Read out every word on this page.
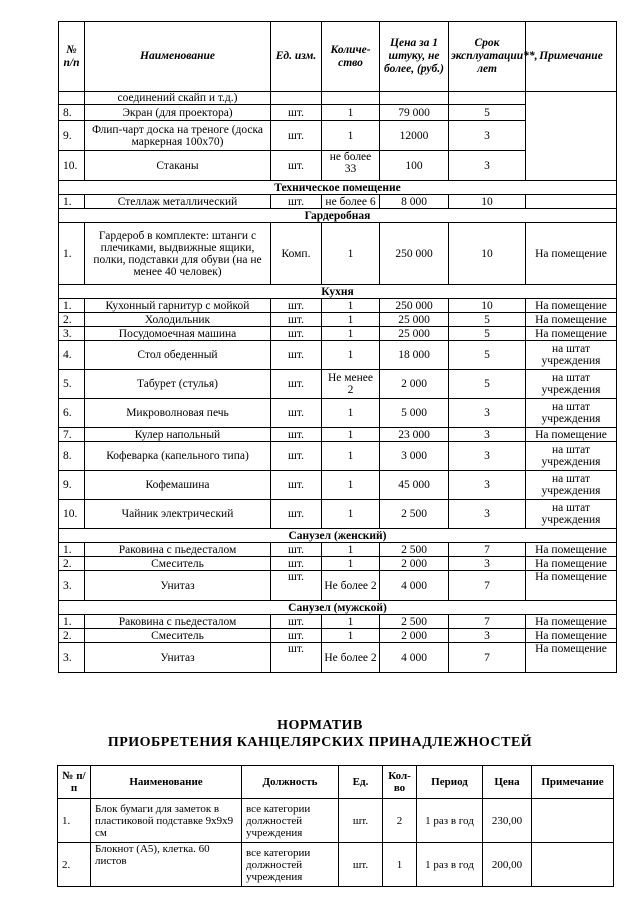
№ п/п	Наименование	Ед. изм.	Количе-ство	Цена за 1 штуку, не более, (руб.)	Срок эксплуатации**, лет	Примечание
	соединений скайп и т.д.)					
8.	Экран (для проектора)	шт.	1	79 000	5	
9.	Флип-чарт доска на треноге (доска маркерная 100х70)	шт.	1	12000	3	
10.	Стаканы	шт.	не более 33	100	3	
Техническое помещение						
1.	Стеллаж металлический	шт.	не более 6	8 000	10	
Гардеробная						
1.	Гардероб в комплекте: штанги с плечиками, выдвижные ящики, полки, подставки для обуви (на не менее 40 человек)	Комп.	1	250 000	10	На помещение
Кухня						
1.	Кухонный гарнитур с мойкой	шт.	1	250 000	10	На помещение
2.	Холодильник	шт.	1	25 000	5	На помещение
3.	Посудомоечная машина	шт.	1	25 000	5	На помещение
4.	Стол обеденный	шт.	1	18 000	5	на штат учреждения
5.	Табурет (стулья)	шт.	Не менее 2	2 000	5	на штат учреждения
6.	Микроволновая печь	шт.	1	5 000	3	на штат учреждения
7.	Кулер напольный	шт.	1	23 000	3	На помещение
8.	Кофеварка (капельного типа)	шт.	1	3 000	3	на штат учреждения
9.	Кофемашина	шт.	1	45 000	3	на штат учреждения
10.	Чайник электрический	шт.	1	2 500	3	на штат учреждения
Санузел (женский)						
1.	Раковина с пьедесталом	шт.	1	2 500	7	На помещение
2.	Смеситель	шт.	1	2 000	3	На помещение
3.	Унитаз	шт.	Не более 2	4 000	7	На помещение
Санузел (мужской)						
1.	Раковина с пьедесталом	шт.	1	2 500	7	На помещение
2.	Смеситель	шт.	1	2 000	3	На помещение
3.	Унитаз	шт.	Не более 2	4 000	7	На помещение
НОРМАТИВ
ПРИОБРЕТЕНИЯ КАНЦЕЛЯРСКИХ ПРИНАДЛЕЖНОСТЕЙ
№ п/п	Наименование	Должность	Ед.	Кол-во	Период	Цена	Примечание
1.	Блок бумаги для заметок в пластиковой подставке 9х9х9 см	все категории должностей учреждения	шт.	2	1 раз в год	230,00	
2.	Блокнот (А5), клетка. 60 листов	все категории должностей учреждения	шт.	1	1 раз в год	200,00	
